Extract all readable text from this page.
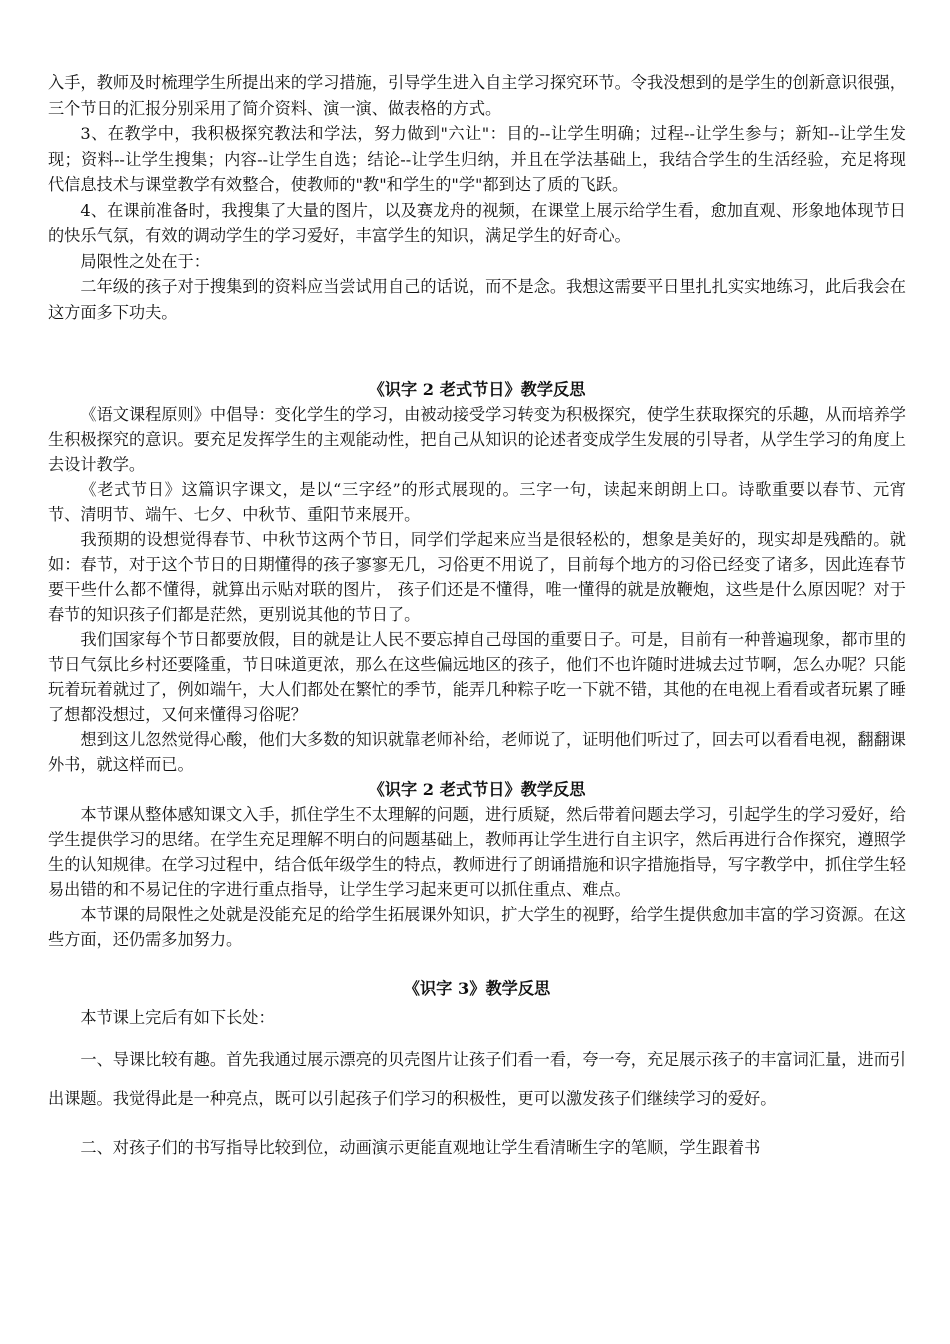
入手，教师及时梳理学生所提出来的学习措施，引导学生进入自主学习探究环节。令我没想到的是学生的创新意识很强，三个节日的汇报分别采用了简介资料、演一演、做表格的方式。

3、在教学中，我积极探究教法和学法，努力做到"六让"：目的--让学生明确；过程--让学生参与；新知--让学生发现；资料--让学生搜集；内容--让学生自选；结论--让学生归纳，并且在学法基础上，我结合学生的生活经验，充足将现代信息技术与课堂教学有效整合，使教师的"教"和学生的"学"都到达了质的飞跃。

4、在课前准备时，我搜集了大量的图片，以及赛龙舟的视频，在课堂上展示给学生看，愈加直观、形象地体现节日的快乐气氛，有效的调动学生的学习爱好，丰富学生的知识，满足学生的好奇心。

局限性之处在于：

二年级的孩子对于搜集到的资料应当尝试用自己的话说，而不是念。我想这需要平日里扎扎实实地练习，此后我会在这方面多下功夫。

《识字 2 老式节日》教学反思

《语文课程原则》中倡导：变化学生的学习，由被动接受学习转变为积极探究，使学生获取探究的乐趣，从而培养学生积极探究的意识。要充足发挥学生的主观能动性，把自己从知识的论述者变成学生发展的引导者，从学生学习的角度上去设计教学。

《老式节日》这篇识字课文，是以“三字经”的形式展现的。三字一句，读起来朗朗上口。诗歌重要以春节、元宵节、清明节、端午、七夕、中秋节、重阳节来展开。

我预期的设想觉得春节、中秋节这两个节日，同学们学起来应当是很轻松的，想象是美好的，现实却是残酷的。就如：春节，对于这个节日的日期懂得的孩子寥寥无几，习俗更不用说了，目前每个地方的习俗已经变了诸多，因此连春节要干些什么都不懂得，就算出示贴对联的图片， 孩子们还是不懂得，唯一懂得的就是放鞭炮，这些是什么原因呢？对于春节的知识孩子们都是茫然，更别说其他的节日了。

我们国家每个节日都要放假，目的就是让人民不要忘掉自己母国的重要日子。可是，目前有一种普遍现象，都市里的节日气氛比乡村还要隆重，节日味道更浓，那么在这些偏远地区的孩子，他们不也许随时进城去过节啊，怎么办呢？只能玩着玩着就过了，例如端午，大人们都处在繁忙的季节，能弄几种粽子吃一下就不错，其他的在电视上看看或者玩累了睡了想都没想过，又何来懂得习俗呢？

想到这儿忽然觉得心酸，他们大多数的知识就靠老师补给，老师说了，证明他们听过了，回去可以看看电视，翻翻课外书，就这样而已。

《识字 2 老式节日》教学反思

本节课从整体感知课文入手，抓住学生不太理解的问题，进行质疑，然后带着问题去学习，引起学生的学习爱好，给学生提供学习的思绪。在学生充足理解不明白的问题基础上，教师再让学生进行自主识字，然后再进行合作探究，遵照学生的认知规律。在学习过程中，结合低年级学生的特点，教师进行了朗诵措施和识字措施指导，写字教学中，抓住学生轻易出错的和不易记住的字进行重点指导，让学生学习起来更可以抓住重点、难点。

本节课的局限性之处就是没能充足的给学生拓展课外知识，扩大学生的视野，给学生提供愈加丰富的学习资源。在这些方面，还仍需多加努力。

《识字 3》教学反思

本节课上完后有如下长处：

一、导课比较有趣。首先我通过展示漂亮的贝壳图片让孩子们看一看，夸一夸，充足展示孩子的丰富词汇量，进而引出课题。我觉得此是一种亮点，既可以引起孩子们学习的积极性，更可以激发孩子们继续学习的爱好。

二、对孩子们的书写指导比较到位，动画演示更能直观地让学生看清晰生字的笔顺，学生跟着书
